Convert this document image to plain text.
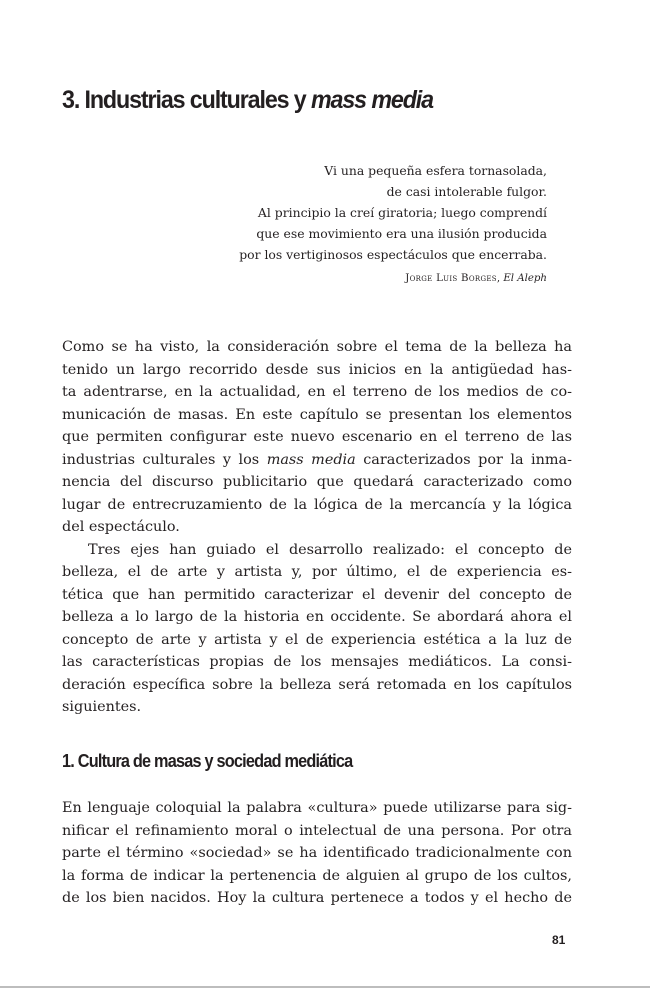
3. Industrias culturales y mass media
Vi una pequeña esfera tornasolada,
de casi intolerable fulgor.
Al principio la creí giratoria; luego comprendí
que ese movimiento era una ilusión producida
por los vertiginosos espectáculos que encerraba.
Jorge Luis Borges, El Aleph
Como se ha visto, la consideración sobre el tema de la belleza ha
tenido un largo recorrido desde sus inicios en la antigüedad has-
ta adentrarse, en la actualidad, en el terreno de los medios de co-
municación de masas. En este capítulo se presentan los elementos
que permiten configurar este nuevo escenario en el terreno de las
industrias culturales y los mass media caracterizados por la inma-
nencia del discurso publicitario que quedará caracterizado como
lugar de entrecruzamiento de la lógica de la mercancía y la lógica
del espectáculo.
Tres ejes han guiado el desarrollo realizado: el concepto de
belleza, el de arte y artista y, por último, el de experiencia es-
tética que han permitido caracterizar el devenir del concepto de
belleza a lo largo de la historia en occidente. Se abordará ahora el
concepto de arte y artista y el de experiencia estética a la luz de
las características propias de los mensajes mediáticos. La consi-
deración específica sobre la belleza será retomada en los capítulos
siguientes.
1. Cultura de masas y sociedad mediática
En lenguaje coloquial la palabra «cultura» puede utilizarse para sig-
nificar el refinamiento moral o intelectual de una persona. Por otra
parte el término «sociedad» se ha identificado tradicionalmente con
la forma de indicar la pertenencia de alguien al grupo de los cultos,
de los bien nacidos. Hoy la cultura pertenece a todos y el hecho de
81
